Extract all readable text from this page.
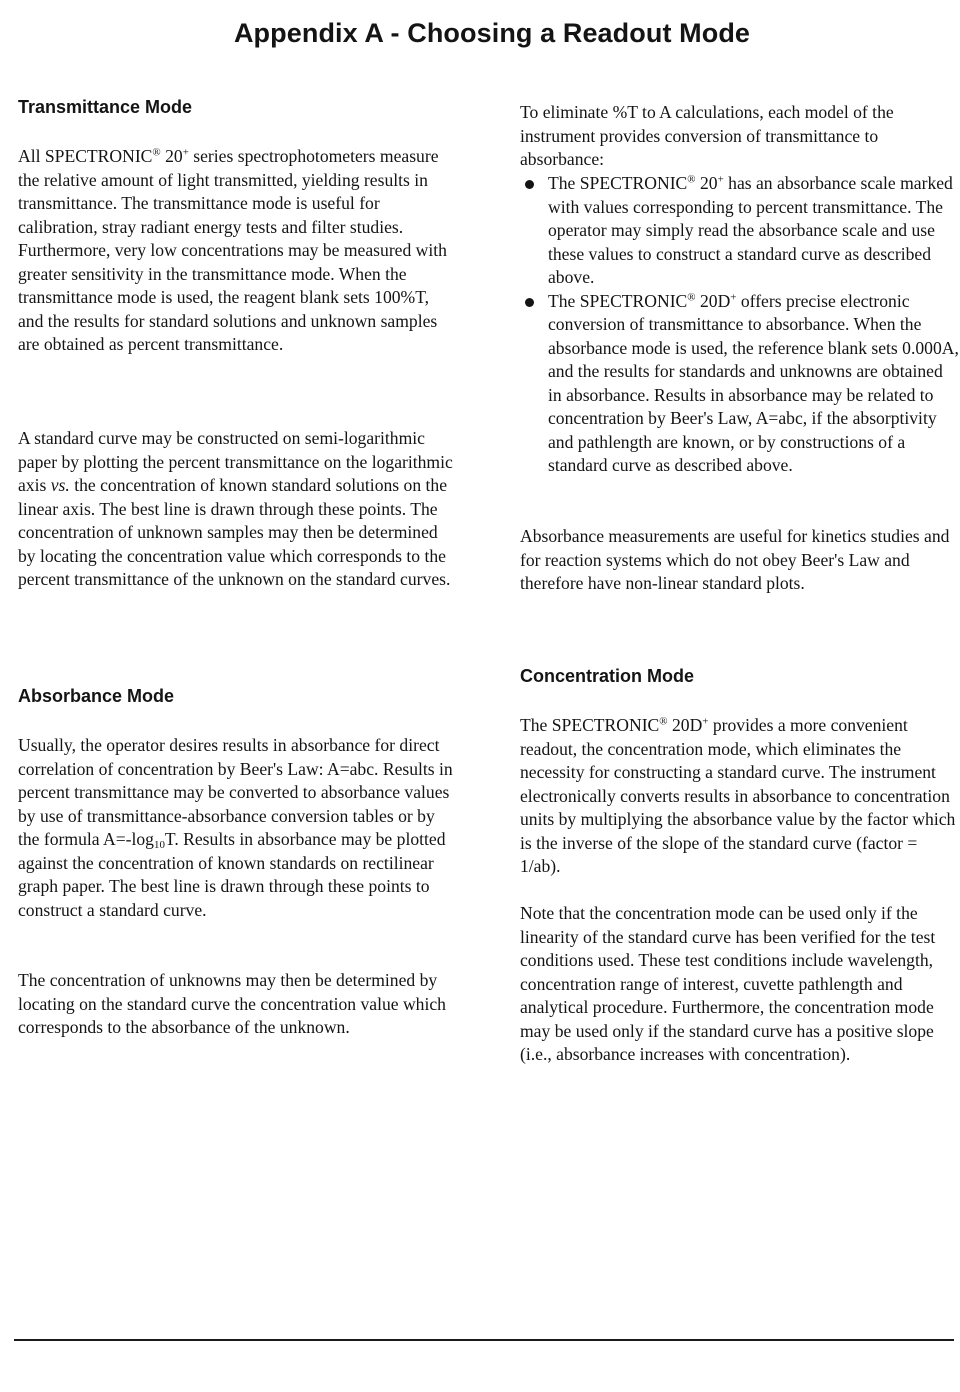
Appendix A - Choosing a Readout Mode
Transmittance Mode

All SPECTRONIC® 20+ series spectrophotometers measure the relative amount of light transmitted, yielding results in transmittance. The transmittance mode is useful for calibration, stray radiant energy tests and filter studies. Furthermore, very low concentrations may be measured with greater sensitivity in the transmittance mode. When the transmittance mode is used, the reagent blank sets 100%T, and the results for standard solutions and unknown samples are obtained as percent transmittance.

A standard curve may be constructed on semi-logarithmic paper by plotting the percent transmittance on the logarithmic axis vs. the concentration of known standard solutions on the linear axis. The best line is drawn through these points. The concentration of unknown samples may then be determined by locating the concentration value which corresponds to the percent transmittance of the unknown on the standard curves.

Absorbance Mode

Usually, the operator desires results in absorbance for direct correlation of concentration by Beer's Law: A=abc. Results in percent transmittance may be converted to absorbance values by use of transmittance-absorbance conversion tables or by the formula $A=-\log_{10}T$. Results in absorbance may be plotted against the concentration of known standards on rectilinear graph paper. The best line is drawn through these points to construct a standard curve.

The concentration of unknowns may then be determined by locating on the standard curve the concentration value which corresponds to the absorbance of the unknown.

To eliminate %T to A calculations, each model of the instrument provides conversion of transmittance to absorbance:

The SPECTRONIC® 20+ has an absorbance scale marked with values corresponding to percent transmittance. The operator may simply read the absorbance scale and use these values to construct a standard curve as described above.
The SPECTRONIC® 20D+ offers precise electronic conversion of transmittance to absorbance. When the absorbance mode is used, the reference blank sets 0.000A, and the results for standards and unknowns are obtained in absorbance. Results in absorbance may be related to concentration by Beer's Law, A=abc, if the absorptivity and pathlength are known, or by constructions of a standard curve as described above.

Absorbance measurements are useful for kinetics studies and for reaction systems which do not obey Beer's Law and therefore have non-linear standard plots.

Concentration Mode

The SPECTRONIC® 20D+ provides a more convenient readout, the concentration mode, which eliminates the necessity for constructing a standard curve. The instrument electronically converts results in absorbance to concentration units by multiplying the absorbance value by the factor which is the inverse of the slope of the standard curve (factor = 1/ab).

Note that the concentration mode can be used only if the linearity of the standard curve has been verified for the test conditions used. These test conditions include wavelength, concentration range of interest, cuvette pathlength and analytical procedure. Furthermore, the concentration mode may be used only if the standard curve has a positive slope (i.e., absorbance increases with concentration).
